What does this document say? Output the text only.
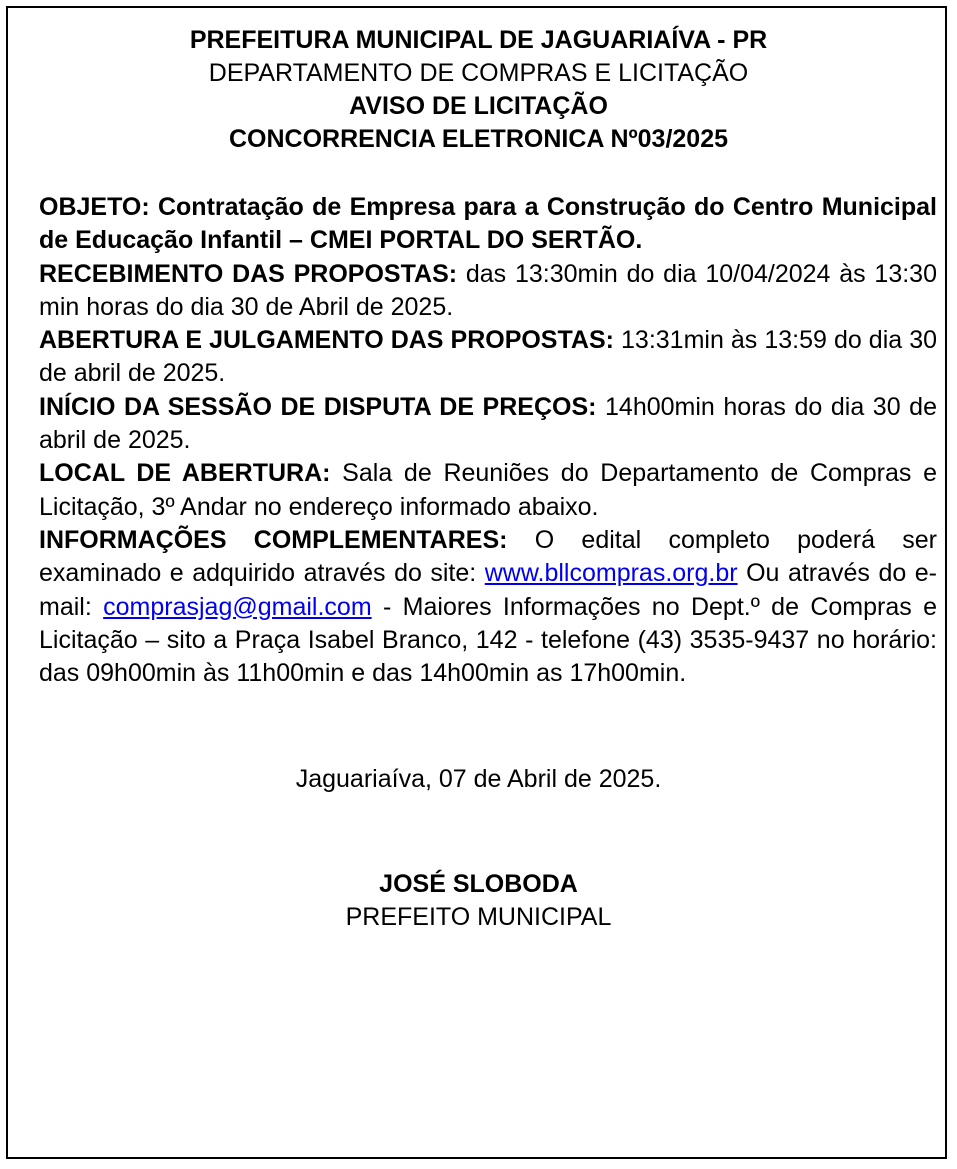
PREFEITURA MUNICIPAL DE JAGUARIAÍVA - PR
DEPARTAMENTO DE COMPRAS E LICITAÇÃO
AVISO DE LICITAÇÃO
CONCORRENCIA ELETRONICA Nº03/2025

OBJETO: Contratação de Empresa para a Construção do Centro Municipal de Educação Infantil – CMEI PORTAL DO SERTÃO.

RECEBIMENTO DAS PROPOSTAS: das 13:30min do dia 10/04/2024 às 13:30 min horas do dia 30 de Abril de 2025.

ABERTURA E JULGAMENTO DAS PROPOSTAS: 13:31min às 13:59 do dia 30 de abril de 2025.

INÍCIO DA SESSÃO DE DISPUTA DE PREÇOS: 14h00min horas do dia 30 de abril de 2025.

LOCAL DE ABERTURA: Sala de Reuniões do Departamento de Compras e Licitação, 3º Andar no endereço informado abaixo.

INFORMAÇÕES COMPLEMENTARES: O edital completo poderá ser examinado e adquirido através do site: www.bllcompras.org.br Ou através do e-mail: comprasjag@gmail.com - Maiores Informações no Dept.º de Compras e Licitação – sito a Praça Isabel Branco, 142 - telefone (43) 3535-9437 no horário: das 09h00min às 11h00min e das 14h00min as 17h00min.

Jaguariaíva, 07 de Abril de 2025.
JOSÉ SLOBODA
PREFEITO MUNICIPAL
